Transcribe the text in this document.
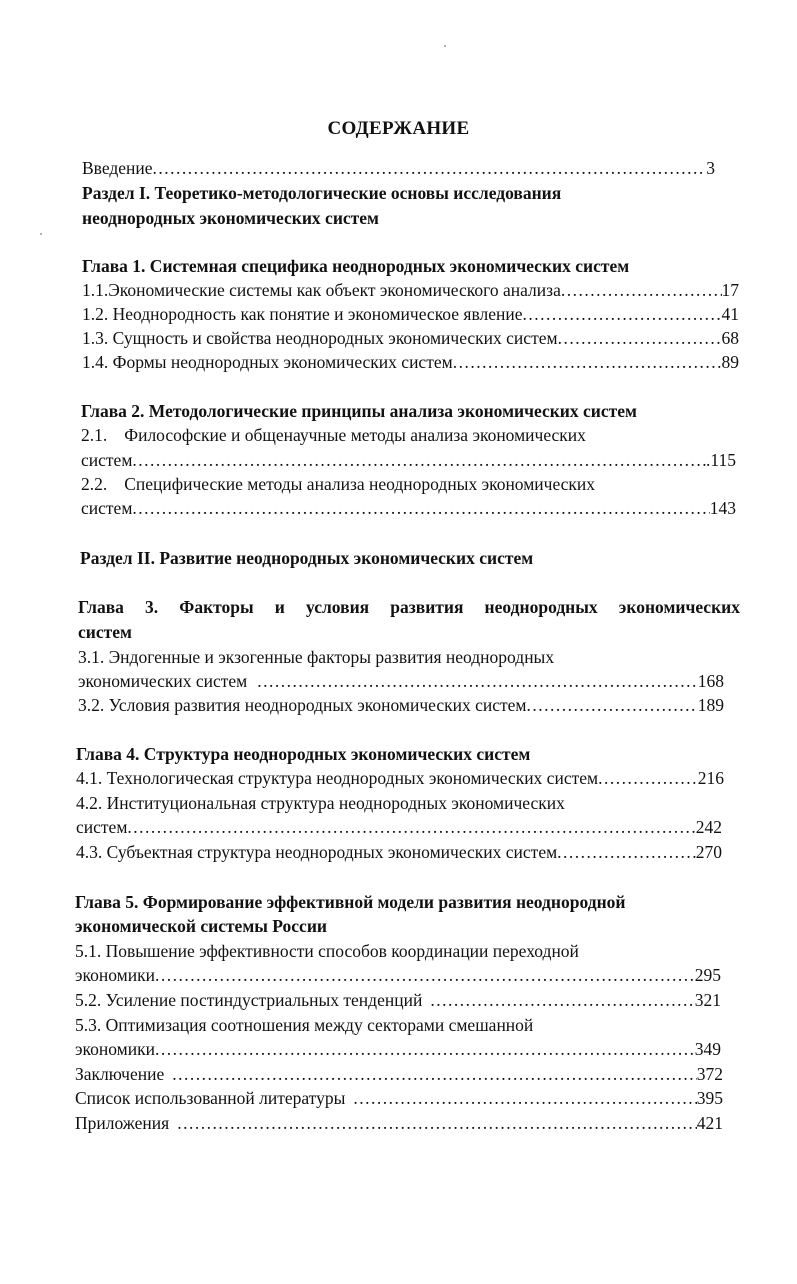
СОДЕРЖАНИЕ
Введение .....	3
Раздел I. Теоретико-методологические основы исследования
неоднородных экономических систем
Глава 1. Системная специфика неоднородных экономических систем
1.1.Экономические системы как объект экономического анализа .....	17
1.2. Неоднородность как понятие и экономическое явление .....	41
1.3. Сущность и свойства неоднородных экономических систем .....	68
1.4. Формы неоднородных экономических систем .....	89
Глава 2. Методологические принципы анализа экономических систем
2.1. Философские и общенаучные методы анализа экономических
систем .....	.115
2.2. Специфические методы анализа неоднородных экономических
систем .....	143
Раздел II. Развитие неоднородных экономических систем
Глава 3. Факторы и условия развития неоднородных экономических
систем
3.1. Эндогенные и экзогенные факторы развития неоднородных
экономических систем .....	168
3.2. Условия развития неоднородных экономических систем .....	189
Глава 4. Структура неоднородных экономических систем
4.1. Технологическая структура неоднородных экономических систем .....	216
4.2. Институциональная структура неоднородных экономических
систем .....	242
4.3. Субъектная структура неоднородных экономических систем .....	270
Глава 5. Формирование эффективной модели развития неоднородной
экономической системы России
5.1. Повышение эффективности способов координации переходной
экономики .....	295
5.2. Усиление постиндустриальных тенденций .....	321
5.3. Оптимизация соотношения между секторами смешанной
экономики .....	349
Заключение .....	372
Список использованной литературы .....	395
Приложения .....	421
